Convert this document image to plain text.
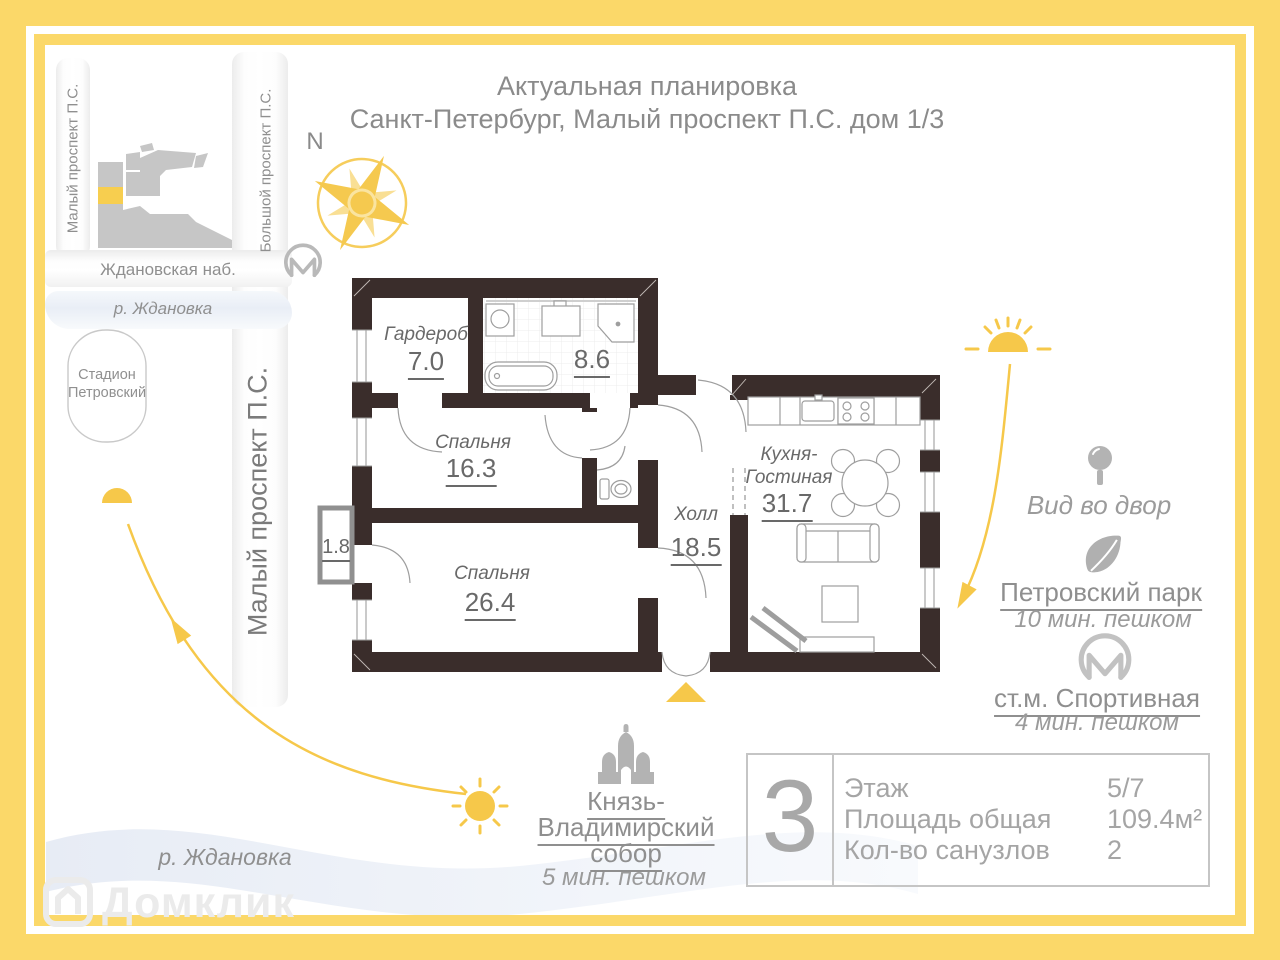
Актуальная планировка
Санкт-Петербург, Малый проспект П.С. дом 1/3
N
Малый проспект П.С.	Большой проспект П.С.
Ждановская наб.
р. Ждановка
Стадион
Петровский	Малый проспект П.С.
р. Ждановка
Гардероб
7.0	8.6
Спальня
16.3
Спальня
26.4
Холл
18.5
Кухня-
Гостиная
31.7
1.8
Вид во двор
Петровский парк
10 мин. пешком
ст.м. Спортивная
4 мин. пешком
Князь-
Владимирский
собор
5 мин. пешком
3 Этаж	5/7
Площадь общая 109.4м²
Кол-во санузлов 2
Домклик
